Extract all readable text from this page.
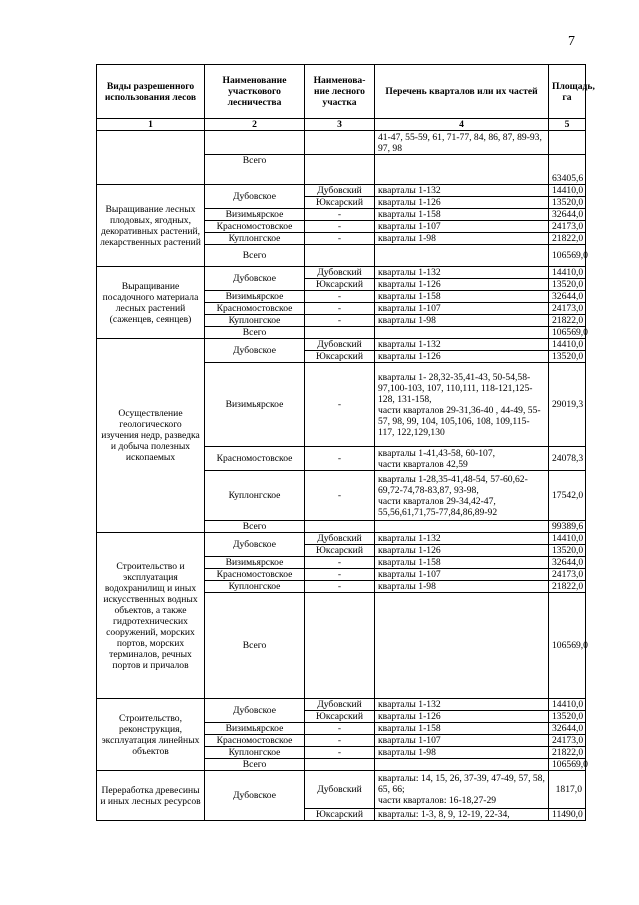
7
Виды разрешенного использования лесов	Наименование участкового лесничества	Наименова-ние лесного участка	Перечень кварталов или их частей	Площадь, га
1	2	3	4	5
			41-47, 55-59, 61, 71-77, 84, 86, 87, 89-93, 97, 98	
	Всего			63405,6
Выращивание лесных плодовых, ягодных, декоративных растений, лекарственных растений	Дубовское	Дубовский	кварталы 1-132	14410,0
		Юксарский	кварталы 1-126	13520,0
	Визимьярское	-	кварталы 1-158	32644,0
	Красномостовское	-	кварталы 1-107	24173,0
	Куплонгское	-	кварталы 1-98	21822,0
	Всего			106569,0
Выращивание посадочного материала лесных растений (саженцев, сеянцев)	Дубовское	Дубовский	кварталы 1-132	14410,0
		Юксарский	кварталы 1-126	13520,0
	Визимьярское	-	кварталы 1-158	32644,0
	Красномостовское	-	кварталы 1-107	24173,0
	Куплонгское	-	кварталы 1-98	21822,0
	Всего			106569,0
Осуществление геологического изучения недр, разведка и добыча полезных ископаемых	Дубовское	Дубовский	кварталы 1-132	14410,0
		Юксарский	кварталы 1-126	13520,0
	Визимьярское	-	кварталы 1- 28,32-35,41-43, 50-54,58-97,100-103, 107, 110,111, 118-121,125-128, 131-158,
части кварталов 29-31,36-40 , 44-49, 55-57, 98, 99, 104, 105,106, 108, 109,115-117, 122,129,130	29019,3
	Красномостовское	-	кварталы 1-41,43-58, 60-107,
части кварталов 42,59	24078,3
	Куплонгское	-	кварталы 1-28,35-41,48-54, 57-60,62-69,72-74,78-83,87, 93-98,
части кварталов 29-34,42-47, 55,56,61,71,75-77,84,86,89-92	17542,0
	Всего			99389,6
Строительство и эксплуатация водохранилищ и иных искусственных водных объектов, а также гидротехнических сооружений, морских портов, морских терминалов, речных портов и причалов	Дубовское	Дубовский	кварталы 1-132	14410,0
		Юксарский	кварталы 1-126	13520,0
	Визимьярское	-	кварталы 1-158	32644,0
	Красномостовское	-	кварталы 1-107	24173,0
	Куплонгское	-	кварталы 1-98	21822,0
	Всего			106569,0
Строительство, реконструкция, эксплуатация линейных объектов	Дубовское	Дубовский	кварталы 1-132	14410,0
		Юксарский	кварталы 1-126	13520,0
	Визимьярское	-	кварталы 1-158	32644,0
	Красномостовское	-	кварталы 1-107	24173,0
	Куплонгское	-	кварталы 1-98	21822,0
	Всего			106569,0
Переработка древесины и иных лесных ресурсов	Дубовское	Дубовский	кварталы: 14, 15, 26, 37-39, 47-49, 57, 58, 65, 66;
части кварталов: 16-18,27-29	1817,0
		Юксарский	кварталы: 1-3, 8, 9, 12-19, 22-34,	11490,0
